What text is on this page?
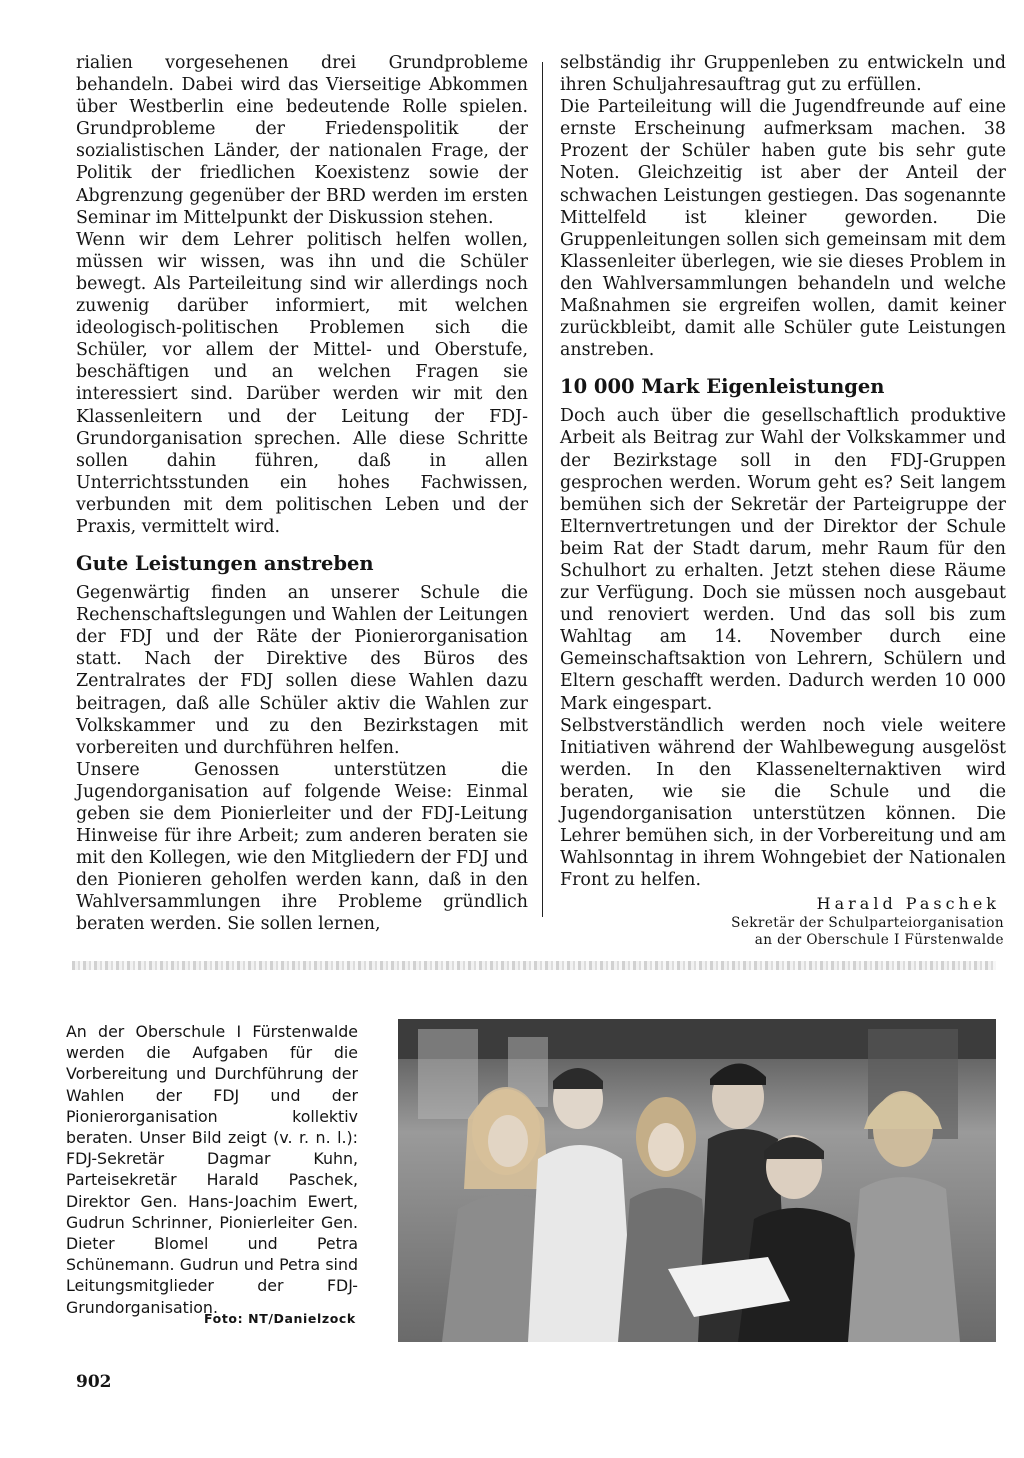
rialien vorgesehenen drei Grundprobleme behandeln. Dabei wird das Vierseitige Abkommen über Westberlin eine bedeutende Rolle spielen. Grundprobleme der Friedenspolitik der sozialistischen Länder, der nationalen Frage, der Politik der friedlichen Koexistenz sowie der Abgrenzung gegenüber der BRD werden im ersten Seminar im Mittelpunkt der Diskussion stehen.

Wenn wir dem Lehrer politisch helfen wollen, müssen wir wissen, was ihn und die Schüler bewegt. Als Parteileitung sind wir allerdings noch zuwenig darüber informiert, mit welchen ideologisch-politischen Problemen sich die Schüler, vor allem der Mittel- und Oberstufe, beschäftigen und an welchen Fragen sie interessiert sind. Darüber werden wir mit den Klassenleitern und der Leitung der FDJ-Grundorganisation sprechen. Alle diese Schritte sollen dahin führen, daß in allen Unterrichtsstunden ein hohes Fachwissen, verbunden mit dem politischen Leben und der Praxis, vermittelt wird.

Gute Leistungen anstreben

Gegenwärtig finden an unserer Schule die Rechenschaftslegungen und Wahlen der Leitungen der FDJ und der Räte der Pionierorganisation statt. Nach der Direktive des Büros des Zentralrates der FDJ sollen diese Wahlen dazu beitragen, daß alle Schüler aktiv die Wahlen zur Volkskammer und zu den Bezirkstagen mit vorbereiten und durchführen helfen.

Unsere Genossen unterstützen die Jugendorganisation auf folgende Weise: Einmal geben sie dem Pionierleiter und der FDJ-Leitung Hinweise für ihre Arbeit; zum anderen beraten sie mit den Kollegen, wie den Mitgliedern der FDJ und den Pionieren geholfen werden kann, daß in den Wahlversammlungen ihre Probleme gründlich beraten werden. Sie sollen lernen,

selbständig ihr Gruppenleben zu entwickeln und ihren Schuljahresauftrag gut zu erfüllen.

Die Parteileitung will die Jugendfreunde auf eine ernste Erscheinung aufmerksam machen. 38 Prozent der Schüler haben gute bis sehr gute Noten. Gleichzeitig ist aber der Anteil der schwachen Leistungen gestiegen. Das sogenannte Mittelfeld ist kleiner geworden. Die Gruppenleitungen sollen sich gemeinsam mit dem Klassenleiter überlegen, wie sie dieses Problem in den Wahlversammlungen behandeln und welche Maßnahmen sie ergreifen wollen, damit keiner zurückbleibt, damit alle Schüler gute Leistungen anstreben.

10 000 Mark Eigenleistungen

Doch auch über die gesellschaftlich produktive Arbeit als Beitrag zur Wahl der Volkskammer und der Bezirkstage soll in den FDJ-Gruppen gesprochen werden. Worum geht es? Seit langem bemühen sich der Sekretär der Parteigruppe der Elternvertretungen und der Direktor der Schule beim Rat der Stadt darum, mehr Raum für den Schulhort zu erhalten. Jetzt stehen diese Räume zur Verfügung. Doch sie müssen noch ausgebaut und renoviert werden. Und das soll bis zum Wahltag am 14. November durch eine Gemeinschaftsaktion von Lehrern, Schülern und Eltern geschafft werden. Dadurch werden 10 000 Mark eingespart.

Selbstverständlich werden noch viele weitere Initiativen während der Wahlbewegung ausgelöst werden. In den Klassenelternaktiven wird beraten, wie sie die Schule und die Jugendorganisation unterstützen können. Die Lehrer bemühen sich, in der Vorbereitung und am Wahlsonntag in ihrem Wohngebiet der Nationalen Front zu helfen.

Harald Paschek
Sekretär der Schulparteiorganisation
an der Oberschule I Fürstenwalde

An der Oberschule I Fürstenwalde werden die Aufgaben für die Vorbereitung und Durchführung der Wahlen der FDJ und der Pionierorganisation kollektiv beraten. Unser Bild zeigt (v. r. n. l.): FDJ-Sekretär Dagmar Kuhn, Parteisekretär Harald Paschek, Direktor Gen. Hans-Joachim Ewert, Gudrun Schrinner, Pionierleiter Gen. Dieter Blomel und Petra Schünemann. Gudrun und Petra sind Leitungsmitglieder der FDJ-Grundorganisation.

Foto: NT/Danielzock
902
